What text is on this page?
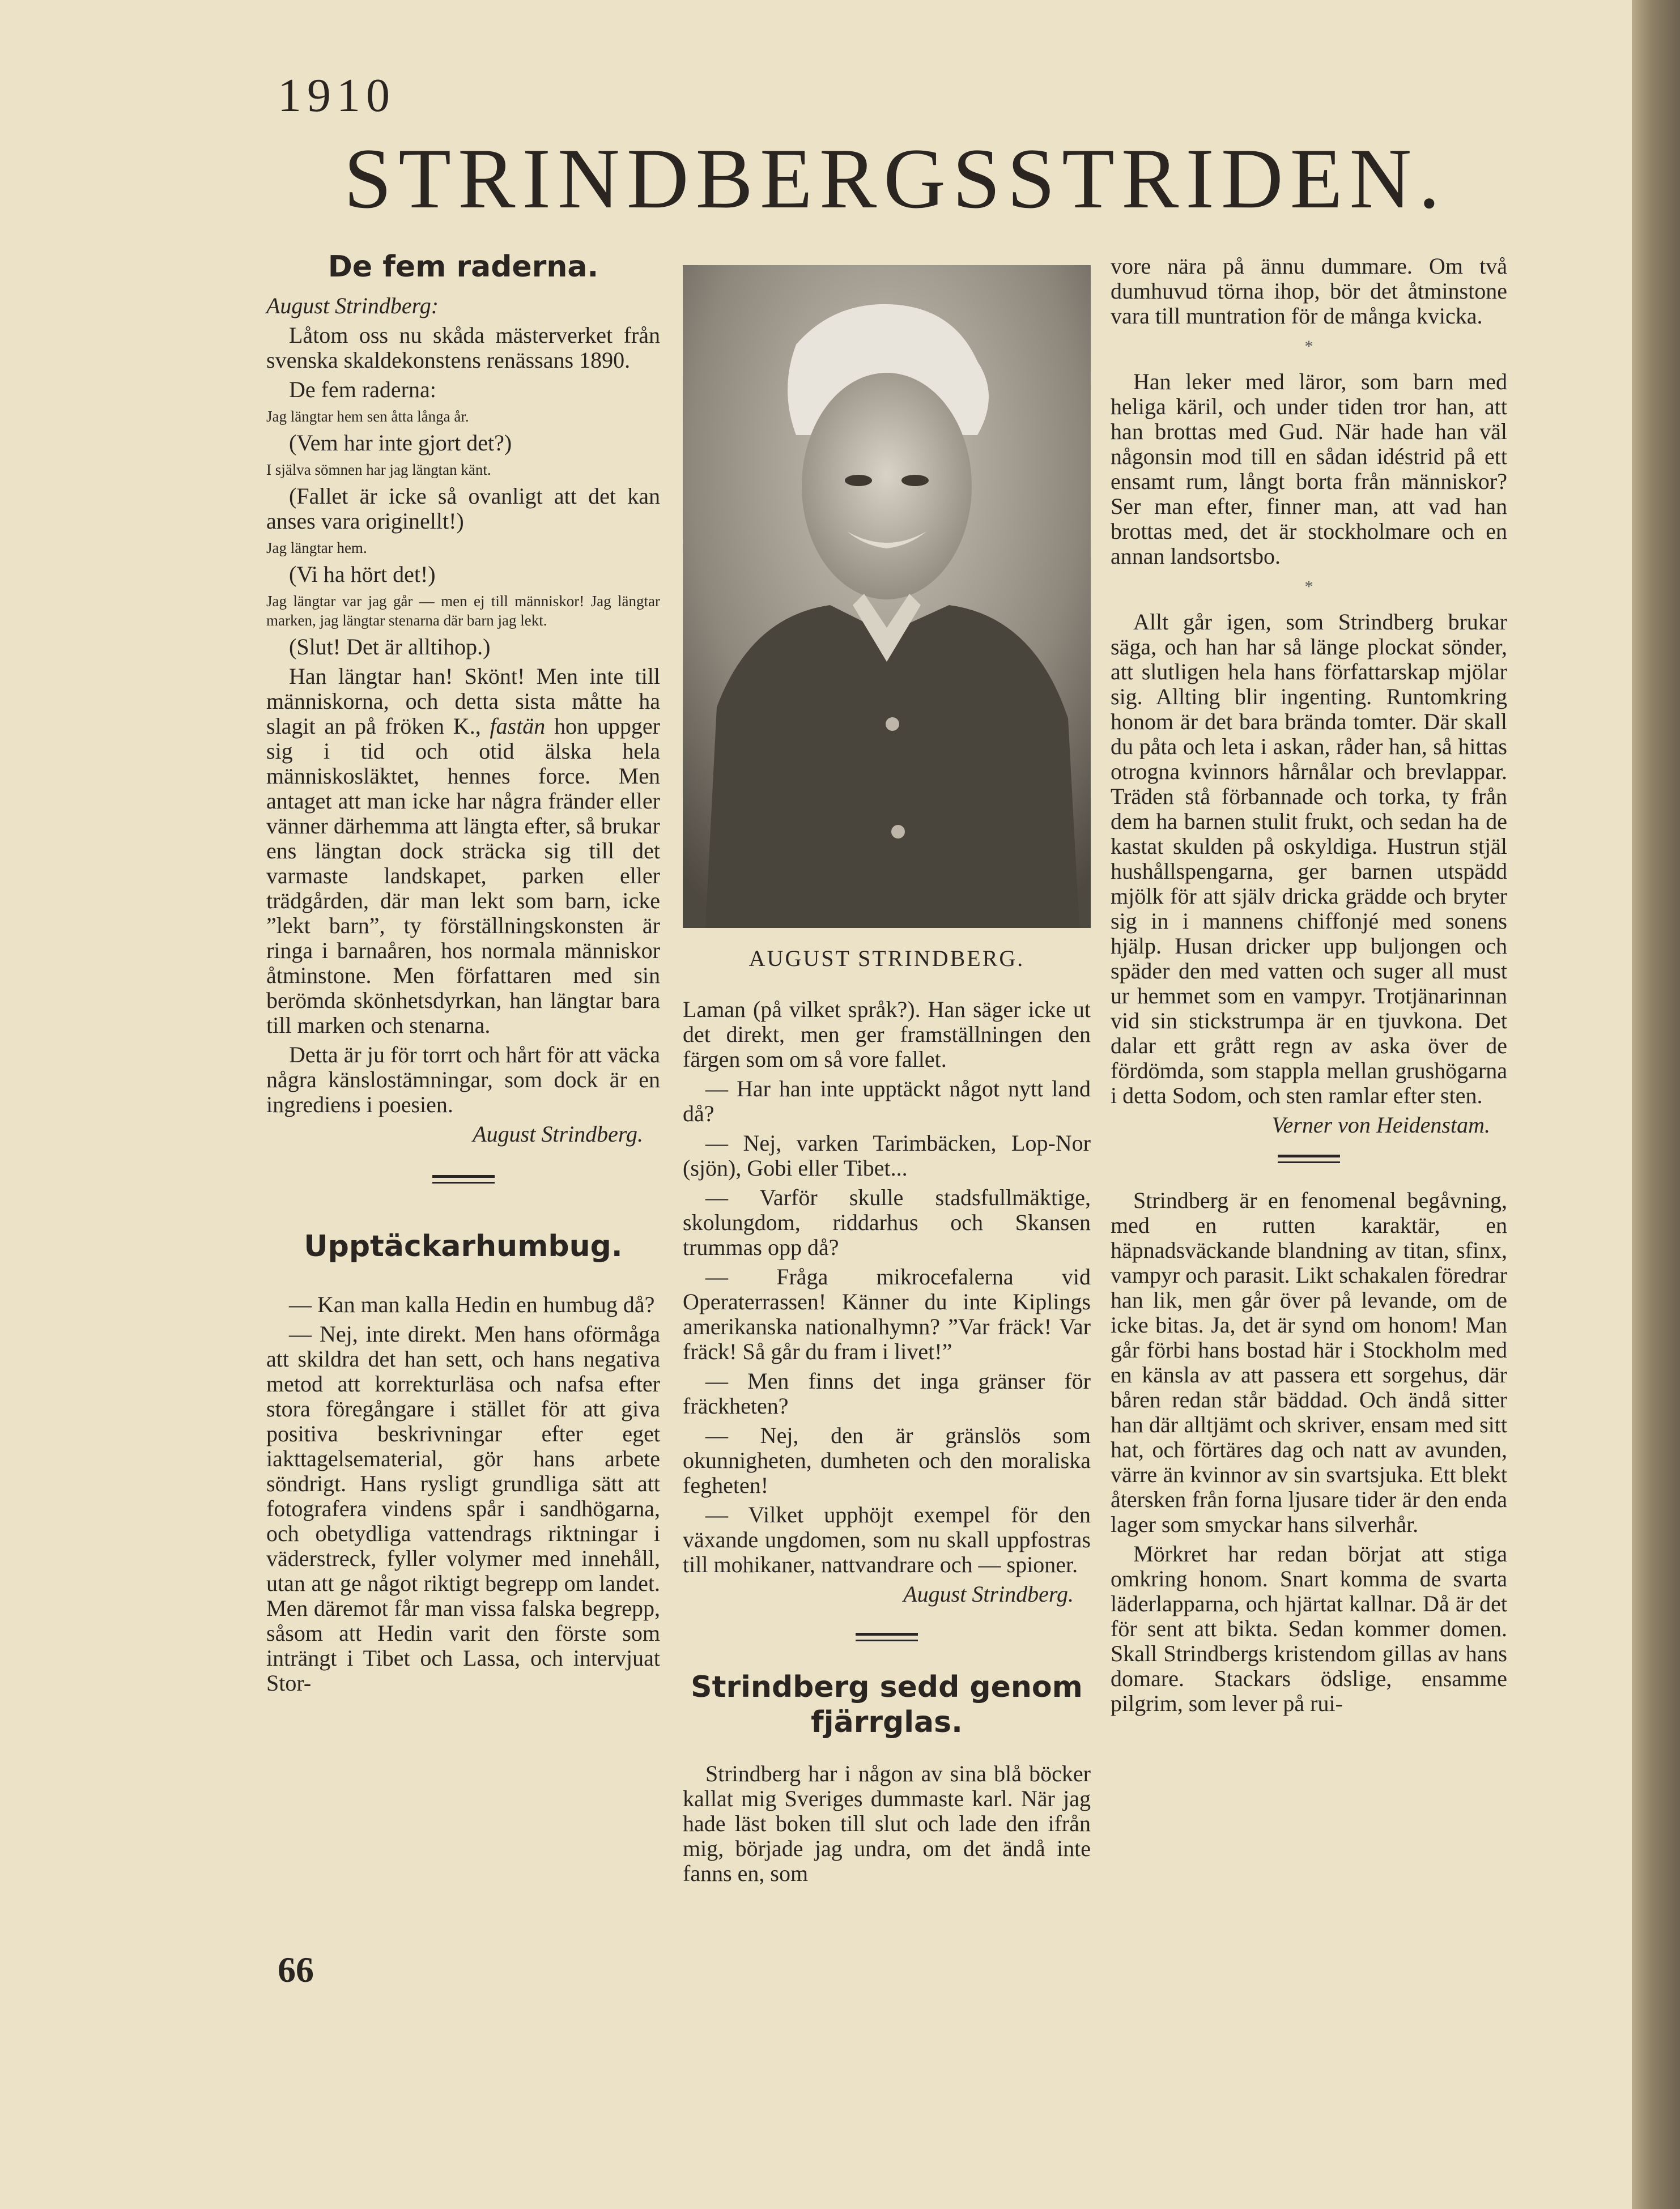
1910
STRINDBERGSSTRIDEN.
De fem raderna.

August Strindberg:

Låtom oss nu skåda mästerverket från svenska skaldekonstens renässans 1890.

De fem raderna:

Jag längtar hem sen åtta långa år.

(Vem har inte gjort det?)

I själva sömnen har jag längtan känt.

(Fallet är icke så ovanligt att det kan anses vara originellt!)

Jag längtar hem.

(Vi ha hört det!)

Jag längtar var jag går — men ej till människor! Jag längtar marken, jag längtar stenarna där barn jag lekt.

(Slut! Det är alltihop.)

Han längtar han! Skönt! Men inte till människorna, och detta sista måtte ha slagit an på fröken K., fastän hon uppger sig i tid och otid älska hela människosläktet, hennes force. Men antaget att man icke har några fränder eller vänner därhemma att längta efter, så brukar ens längtan dock sträcka sig till det varmaste landskapet, parken eller trädgården, där man lekt som barn, icke ”lekt barn”, ty förställningskonsten är ringa i barnaåren, hos normala människor åtminstone. Men författaren med sin berömda skönhetsdyrkan, han längtar bara till marken och stenarna.

Detta är ju för torrt och hårt för att väcka några känslostämningar, som dock är en ingrediens i poesien.

August Strindberg.

Upptäckarhumbug.

— Kan man kalla Hedin en humbug då?

— Nej, inte direkt. Men hans oförmåga att skildra det han sett, och hans negativa metod att korrekturläsa och nafsa efter stora föregångare i stället för att giva positiva beskrivningar efter eget iakttagelsematerial, gör hans arbete söndrigt. Hans rysligt grundliga sätt att fotografera vindens spår i sandhögarna, och obetydliga vattendrags riktningar i väderstreck, fyller volymer med innehåll, utan att ge något riktigt begrepp om landet. Men däremot får man vissa falska begrepp, såsom att Hedin varit den förste som inträngt i Tibet och Lassa, och intervjuat Stor-

AUGUST STRINDBERG.

Laman (på vilket språk?). Han säger icke ut det direkt, men ger framställningen den färgen som om så vore fallet.

— Har han inte upptäckt något nytt land då?

— Nej, varken Tarimbäcken, Lop-Nor (sjön), Gobi eller Tibet...

— Varför skulle stadsfullmäktige, skolungdom, riddarhus och Skansen trummas opp då?

— Fråga mikrocefalerna vid Operaterrassen! Känner du inte Kiplings amerikanska nationalhymn? ”Var fräck! Var fräck! Så går du fram i livet!”

— Men finns det inga gränser för fräckheten?

— Nej, den är gränslös som okunnigheten, dumheten och den moraliska fegheten!

— Vilket upphöjt exempel för den växande ungdomen, som nu skall uppfostras till mohikaner, nattvandrare och — spioner.

August Strindberg.

Strindberg sedd genom fjärrglas.

Strindberg har i någon av sina blå böcker kallat mig Sveriges dummaste karl. När jag hade läst boken till slut och lade den ifrån mig, började jag undra, om det ändå inte fanns en, som

vore nära på ännu dummare. Om två dumhuvud törna ihop, bör det åtminstone vara till muntration för de många kvicka.

*

Han leker med läror, som barn med heliga käril, och under tiden tror han, att han brottas med Gud. När hade han väl någonsin mod till en sådan idéstrid på ett ensamt rum, långt borta från människor? Ser man efter, finner man, att vad han brottas med, det är stockholmare och en annan landsortsbo.

*

Allt går igen, som Strindberg brukar säga, och han har så länge plockat sönder, att slutligen hela hans författarskap mjölar sig. Allting blir ingenting. Runtomkring honom är det bara brända tomter. Där skall du påta och leta i askan, råder han, så hittas otrogna kvinnors hårnålar och brevlappar. Träden stå förbannade och torka, ty från dem ha barnen stulit frukt, och sedan ha de kastat skulden på oskyldiga. Hustrun stjäl hushållspengarna, ger barnen utspädd mjölk för att själv dricka grädde och bryter sig in i mannens chiffonjé med sonens hjälp. Husan dricker upp buljongen och späder den med vatten och suger all must ur hemmet som en vampyr. Trotjänarinnan vid sin stickstrumpa är en tjuvkona. Det dalar ett grått regn av aska över de fördömda, som stappla mellan grushögarna i detta Sodom, och sten ramlar efter sten.

Verner von Heidenstam.

Strindberg är en fenomenal begåvning, med en rutten karaktär, en häpnadsväckande blandning av titan, sfinx, vampyr och parasit. Likt schakalen föredrar han lik, men går över på levande, om de icke bitas. Ja, det är synd om honom! Man går förbi hans bostad här i Stockholm med en känsla av att passera ett sorgehus, där båren redan står bäddad. Och ändå sitter han där alltjämt och skriver, ensam med sitt hat, och förtäres dag och natt av avunden, värre än kvinnor av sin svartsjuka. Ett blekt återsken från forna ljusare tider är den enda lager som smyckar hans silverhår.

Mörkret har redan börjat att stiga omkring honom. Snart komma de svarta läderlapparna, och hjärtat kallnar. Då är det för sent att bikta. Sedan kommer domen. Skall Strindbergs kristendom gillas av hans domare. Stackars ödslige, ensamme pilgrim, som lever på rui-

66
